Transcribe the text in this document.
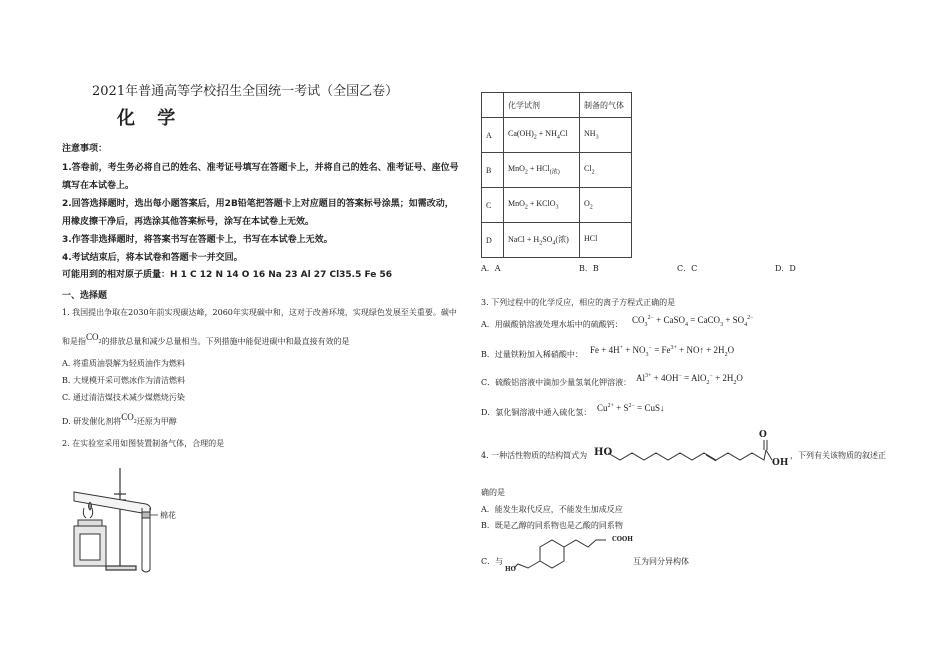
2021年普通高等学校招生全国统一考试（全国乙卷）
化 学
注意事项：
1.答卷前，考生务必将自己的姓名、准考证号填写在答题卡上，并将自己的姓名、准考证号、座位号
填写在本试卷上。
2.回答选择题时，选出每小题答案后，用2B铅笔把答题卡上对应题目的答案标号涂黑；如需改动，
用橡皮擦干净后，再选涂其他答案标号，涂写在本试卷上无效。
3.作答非选择题时，将答案书写在答题卡上，书写在本试卷上无效。
4.考试结束后，将本试卷和答题卡一并交回。
可能用到的相对原子质量：H 1 C 12 N 14 O 16 Na 23 Al 27 Cl35.5 Fe 56
一、选择题
1. 我国提出争取在2030年前实现碳达峰，2060年实现碳中和，这对于改善环境，实现绿色发展至关重要。碳中
和是指$CO_2$的排放总量和减少总量相当。下列措施中能促进碳中和最直接有效的是
A. 将重质油裂解为轻质油作为燃料
B. 大规模开采可燃冰作为清洁燃料
C. 通过清洁煤技术减少煤燃烧污染
D. 研发催化剂将$CO_2$还原为甲醇
2. 在实验室采用如图装置制备气体，合理的是
棉花
	化学试剂	制备的气体
A	$Ca(OH)_2 + NH_4Cl$	$NH_3$
B	MnO$_2$ + HCl$_{(浓)}$	$Cl_2$
C	MnO$_2$ + KClO$_3$	$O_2$
D	NaCl + $H_2SO_4$(浓)	HCl
A．A	B．B	C．C	D．D
3. 下列过程中的化学反应，相应的离子方程式正确的是
A．用碳酸钠溶液处理水垢中的硫酸钙： $CO_3^{2-}$ + CaSO$_4$ = CaCO$_3$ + $SO_4^{2-}$
B．过量铁粉加入稀硝酸中： $Fe + 4H^+ + NO_3^- = Fe^{3+}$ + NO↑ + $2H_2O$
C．硫酸铝溶液中滴加少量氢氧化钾溶液： $Al^{3+} + 4OH^- = AlO_2^- + 2H_2O$
D．氯化铜溶液中通入硫化氢： $Cu^{2+} + S^{2-}$ = CuS↓
4. 一种活性物质的结构简式为 HO
O
OH
，下列有关该物质的叙述正
确的是
A．能发生取代反应，不能发生加成反应
B．既是乙醇的同系物也是乙酸的同系物
C．与
COOH
HO
互为同分异构体
